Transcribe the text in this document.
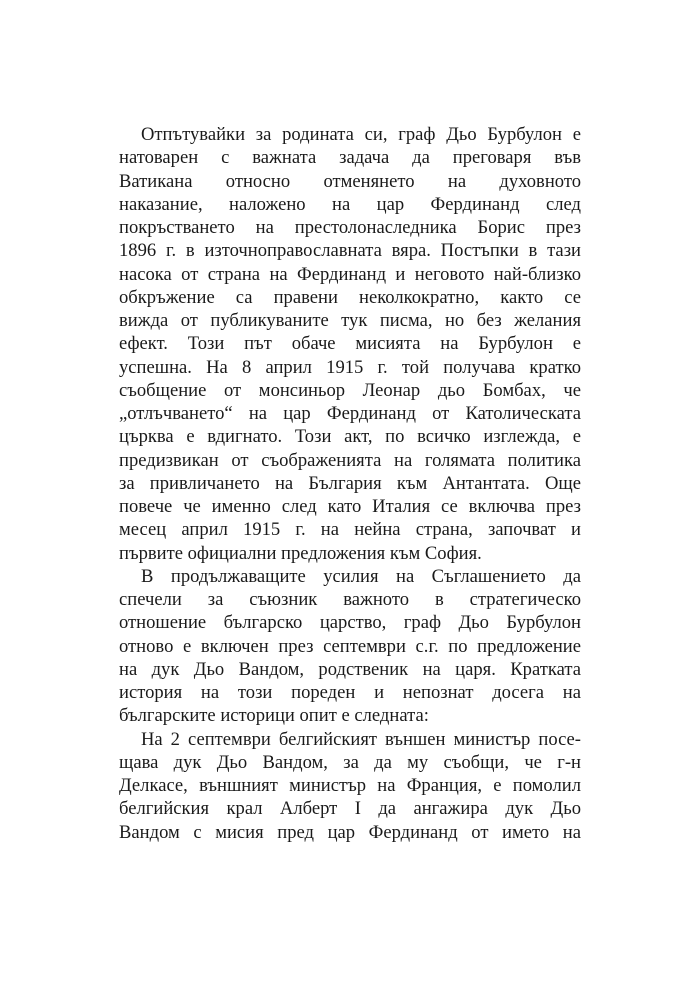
Отпътувайки за родината си, граф Дьо Бурбулон е
натоварен с важната задача да преговаря във
Ватикана относно отменянето на духовното
наказание, наложено на цар Фердинанд след
покръстването на престолонаследника Борис през
1896 г. в източноправославната вяра. Постъпки в тази
насока от страна на Фердинанд и неговото най-близко
обкръжение са правени неколкократно, както се
вижда от публикуваните тук писма, но без желания
ефект. Този път обаче мисията на Бурбулон е
успешна. На 8 април 1915 г. той получава кратко
съобщение от монсиньор Леонар дьо Бомбах, че
„отлъчването“ на цар Фердинанд от Католическата
църква е вдигнато. Този акт, по всичко изглежда, е
предизвикан от съображенията на голямата политика
за привличането на България към Антантата. Още
повече че именно след като Италия се включва през
месец април 1915 г. на нейна страна, започват и
първите официални предложения към София.
В продължаващите усилия на Съглашението да
спечели за съюзник важното в стратегическо
отношение българско царство, граф Дьо Бурбулон
отново е включен през септември с.г. по предложение
на дук Дьо Вандом, родственик на царя. Кратката
история на този пореден и непознат досега на
българските историци опит е следната:
На 2 септември белгийският външен министър посе-
щава дук Дьо Вандом, за да му съобщи, че г-н
Делкасе, външният министър на Франция, е помолил
белгийския крал Алберт I да ангажира дук Дьо
Вандом с мисия пред цар Фердинанд от името на
